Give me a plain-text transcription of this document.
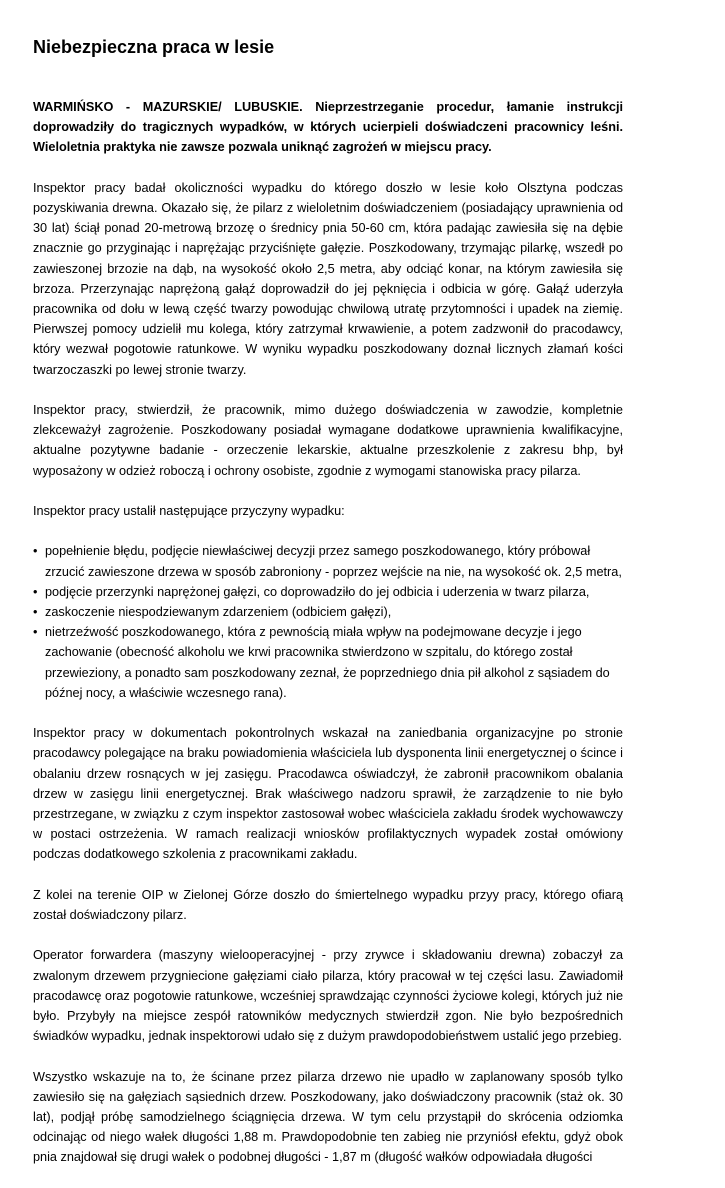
Niebezpieczna praca w lesie

WARMIŃSKO - MAZURSKIE/ LUBUSKIE. Nieprzestrzeganie procedur, łamanie instrukcji doprowadziły do tragicznych wypadków, w których ucierpieli doświadczeni pracownicy leśni. Wieloletnia praktyka nie zawsze pozwala uniknąć zagrożeń w miejscu pracy.

Inspektor pracy badał okoliczności wypadku do którego doszło w lesie koło Olsztyna podczas pozyskiwania drewna. Okazało się, że pilarz z wieloletnim doświadczeniem (posiadający uprawnienia od 30 lat) ściął ponad 20-metrową brzozę o średnicy pnia 50-60 cm, która padając zawiesiła się na dębie znacznie go przyginając i naprężając przyciśnięte gałęzie. Poszkodowany, trzymając pilarkę, wszedł po zawieszonej brzozie na dąb, na wysokość około 2,5 metra, aby odciąć konar, na którym zawiesiła się brzoza. Przerzynając naprężoną gałąź doprowadził do jej pęknięcia i odbicia w górę. Gałąź uderzyła pracownika od dołu w lewą część twarzy powodując chwilową utratę przytomności i upadek na ziemię. Pierwszej pomocy udzielił mu kolega, który zatrzymał krwawienie, a potem zadzwonił do pracodawcy, który wezwał pogotowie ratunkowe. W wyniku wypadku poszkodowany doznał licznych złamań kości twarzoczaszki po lewej stronie twarzy.

Inspektor pracy, stwierdził, że pracownik, mimo dużego doświadczenia w zawodzie, kompletnie zlekceważył zagrożenie. Poszkodowany posiadał wymagane dodatkowe uprawnienia kwalifikacyjne, aktualne pozytywne badanie - orzeczenie lekarskie, aktualne przeszkolenie z zakresu bhp, był wyposażony w odzież roboczą i ochrony osobiste, zgodnie z wymogami stanowiska pracy pilarza.

Inspektor pracy ustalił następujące przyczyny wypadku:

• popełnienie błędu, podjęcie niewłaściwej decyzji przez samego poszkodowanego, który próbował zrzucić zawieszone drzewa w sposób zabroniony - poprzez wejście na nie, na wysokość ok. 2,5 metra,
• podjęcie przerzynki naprężonej gałęzi, co doprowadziło do jej odbicia i uderzenia w twarz pilarza,
• zaskoczenie niespodziewanym zdarzeniem (odbiciem gałęzi),
• nietrzeźwość poszkodowanego, która z pewnością miała wpływ na podejmowane decyzje i jego zachowanie (obecność alkoholu we krwi pracownika stwierdzono w szpitalu, do którego został przewieziony, a ponadto sam poszkodowany zeznał, że poprzedniego dnia pił alkohol z sąsiadem do późnej nocy, a właściwie wczesnego rana).

Inspektor pracy w dokumentach pokontrolnych wskazał na zaniedbania organizacyjne po stronie pracodawcy polegające na braku powiadomienia właściciela lub dysponenta linii energetycznej o ścince i obalaniu drzew rosnących w jej zasięgu. Pracodawca oświadczył, że zabronił pracownikom obalania drzew w zasięgu linii energetycznej. Brak właściwego nadzoru sprawił, że zarządzenie to nie było przestrzegane, w związku z czym inspektor zastosował wobec właściciela zakładu środek wychowawczy w postaci ostrzeżenia. W ramach realizacji wniosków profilaktycznych wypadek został omówiony podczas dodatkowego szkolenia z pracownikami zakładu.

Z kolei na terenie OIP w Zielonej Górze doszło do śmiertelnego wypadku przyy pracy, którego ofiarą został doświadczony pilarz.

Operator forwardera (maszyny wielooperacyjnej - przy zrywce i składowaniu drewna) zobaczył za zwalonym drzewem przygniecione gałęziami ciało pilarza, który pracował w tej części lasu. Zawiadomił pracodawcę oraz pogotowie ratunkowe, wcześniej sprawdzając czynności życiowe kolegi, których już nie było. Przybyły na miejsce zespół ratowników medycznych stwierdził zgon. Nie było bezpośrednich świadków wypadku, jednak inspektorowi udało się z dużym prawdopodobieństwem ustalić jego przebieg.

Wszystko wskazuje na to, że ścinane przez pilarza drzewo nie upadło w zaplanowany sposób tylko zawiesiło się na gałęziach sąsiednich drzew. Poszkodowany, jako doświadczony pracownik (staż ok. 30 lat), podjął próbę samodzielnego ściągnięcia drzewa. W tym celu przystąpił do skrócenia odziomka odcinając od niego wałek długości 1,88 m. Prawdopodobnie ten zabieg nie przyniósł efektu, gdyż obok pnia znajdował się drugi wałek o podobnej długości - 1,87 m (długość wałków odpowiadała długości
